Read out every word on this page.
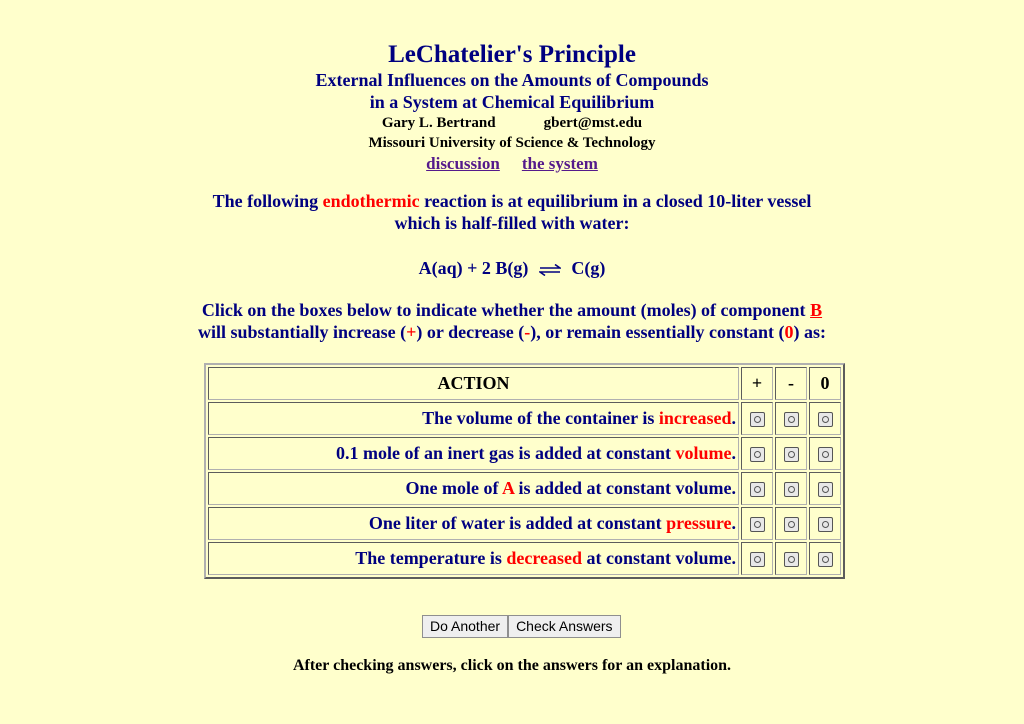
LeChatelier's Principle
External Influences on the Amounts of Compounds
in a System at Chemical Equilibrium
Gary L. Bertrand	gbert@mst.edu
Missouri University of Science & Technology
discussion the system
The following endothermic reaction is at equilibrium in a closed 10-liter vessel
which is half-filled with water:
A(aq) + 2 B(g) ⇌ C(g)
Click on the boxes below to indicate whether the amount (moles) of component B
will substantially increase (+) or decrease (-), or remain essentially constant (0) as:
ACTION	+	-	0
The volume of the container is increased.			
0.1 mole of an inert gas is added at constant volume.			
One mole of A is added at constant volume.			
One liter of water is added at constant pressure.			
The temperature is decreased at constant volume.			
Do Another	Check Answers
After checking answers, click on the answers for an explanation.
